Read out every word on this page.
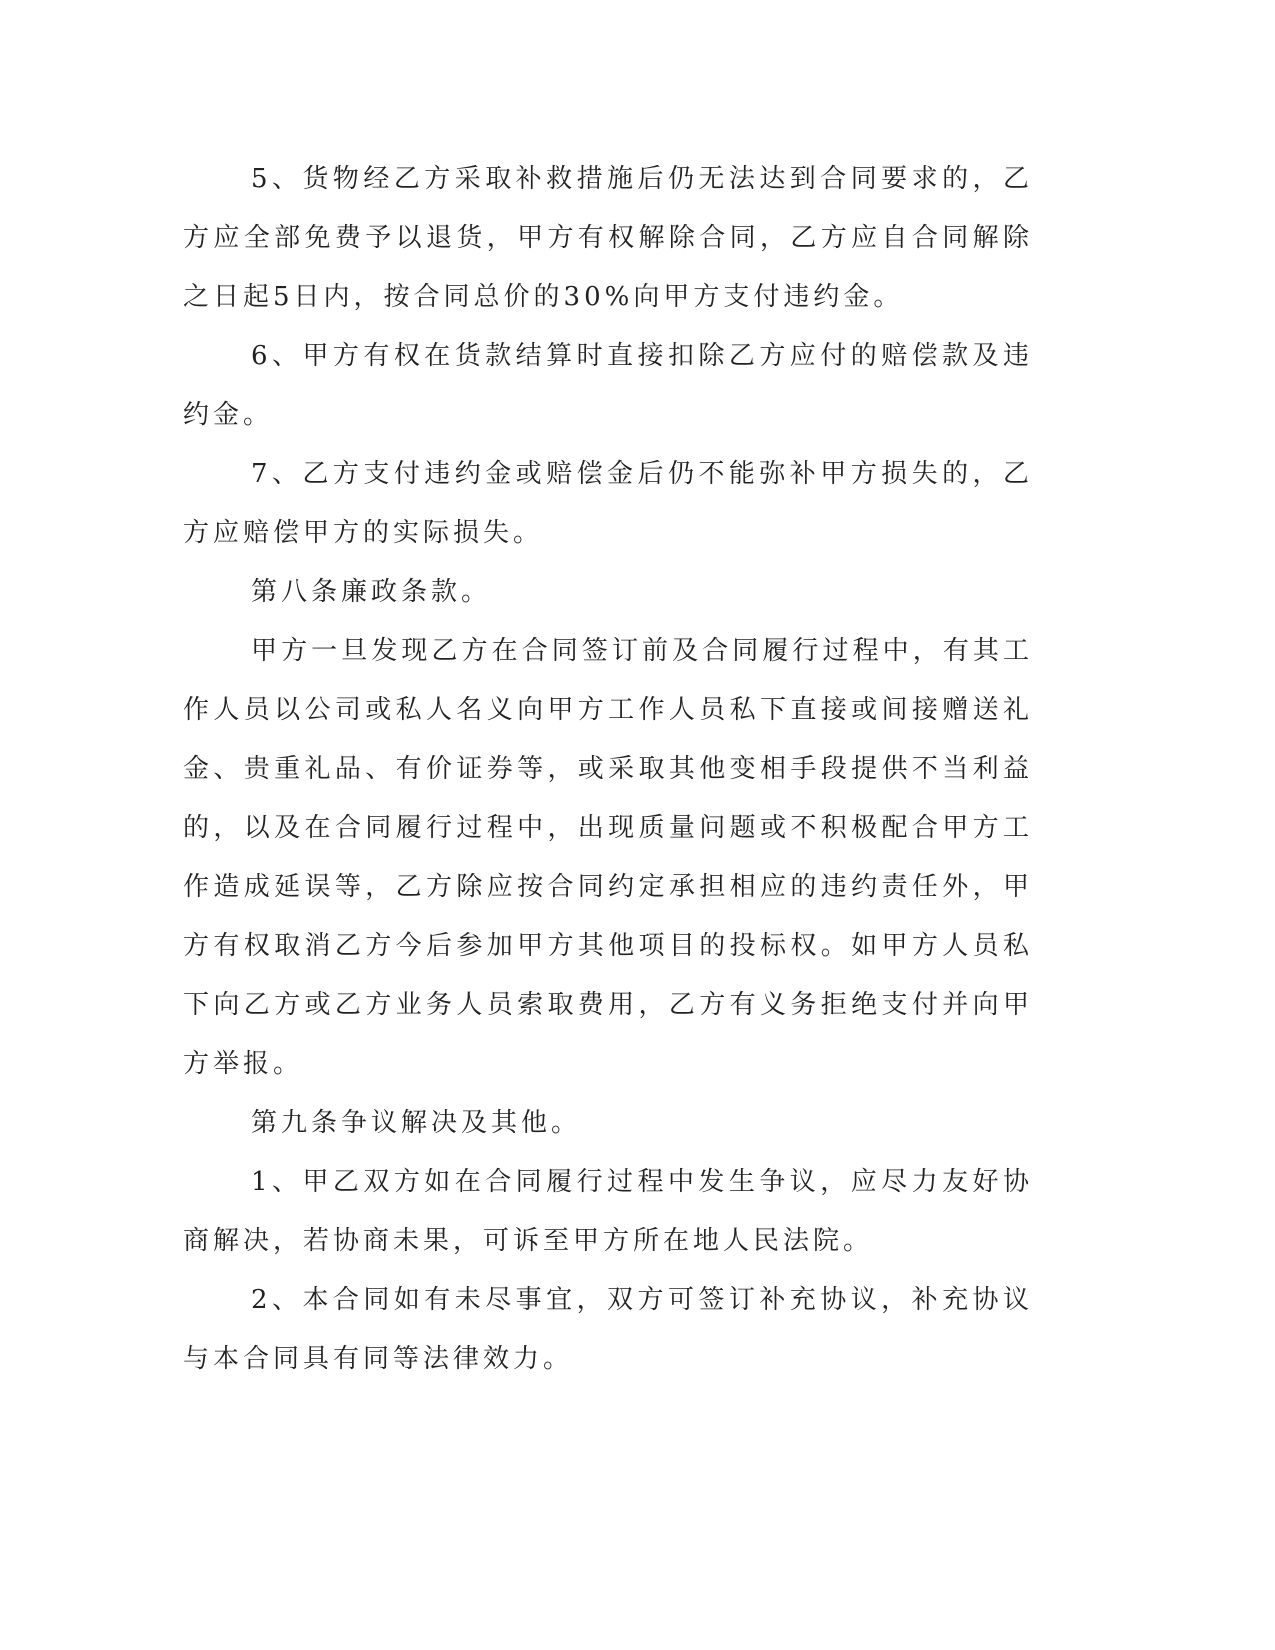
5、货物经乙方采取补救措施后仍无法达到合同要求的，乙方应全部免费予以退货，甲方有权解除合同，乙方应自合同解除之日起5日内，按合同总价的30%向甲方支付违约金。

6、甲方有权在货款结算时直接扣除乙方应付的赔偿款及违约金。

7、乙方支付违约金或赔偿金后仍不能弥补甲方损失的，乙方应赔偿甲方的实际损失。

第八条廉政条款。

甲方一旦发现乙方在合同签订前及合同履行过程中，有其工作人员以公司或私人名义向甲方工作人员私下直接或间接赠送礼金、贵重礼品、有价证券等，或采取其他变相手段提供不当利益的，以及在合同履行过程中，出现质量问题或不积极配合甲方工作造成延误等，乙方除应按合同约定承担相应的违约责任外，甲方有权取消乙方今后参加甲方其他项目的投标权。如甲方人员私下向乙方或乙方业务人员索取费用，乙方有义务拒绝支付并向甲方举报。

第九条争议解决及其他。

1、甲乙双方如在合同履行过程中发生争议，应尽力友好协商解决，若协商未果，可诉至甲方所在地人民法院。

2、本合同如有未尽事宜，双方可签订补充协议，补充协议与本合同具有同等法律效力。
